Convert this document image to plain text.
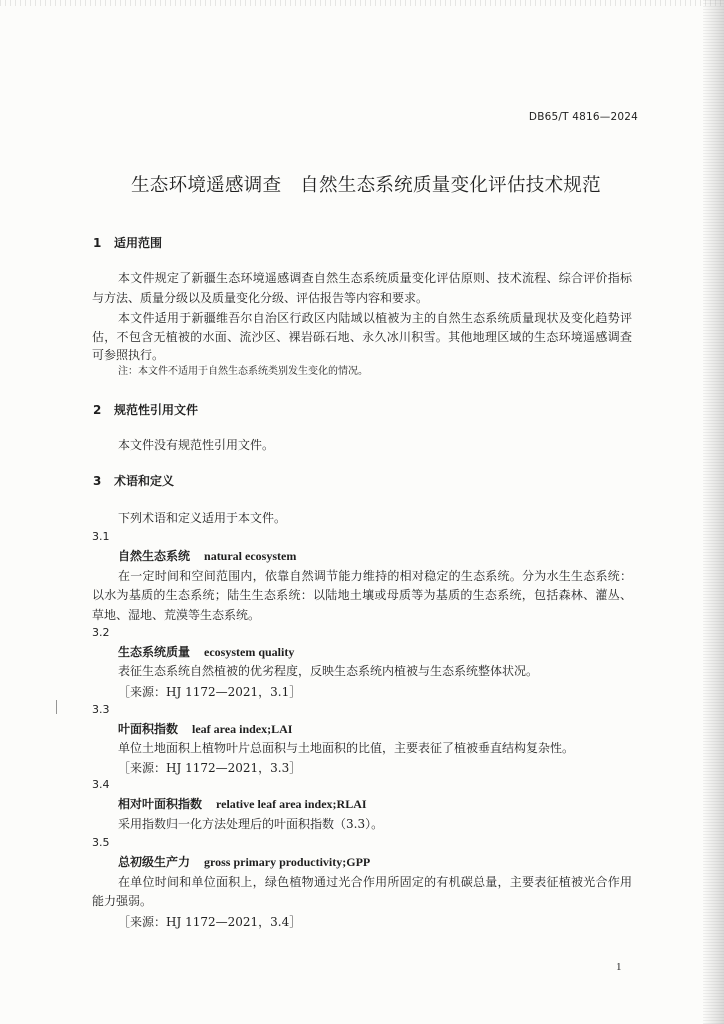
DB65/T 4816—2024
生态环境遥感调查　自然生态系统质量变化评估技术规范
1 适用范围
本文件规定了新疆生态环境遥感调查自然生态系统质量变化评估原则、技术流程、综合评价指标
与方法、质量分级以及质量变化分级、评估报告等内容和要求。
本文件适用于新疆维吾尔自治区行政区内陆域以植被为主的自然生态系统质量现状及变化趋势评
估，不包含无植被的水面、流沙区、裸岩砾石地、永久冰川积雪。其他地理区域的生态环境遥感调查
可参照执行。
注：本文件不适用于自然生态系统类别发生变化的情况。
2 规范性引用文件
本文件没有规范性引用文件。
3 术语和定义
下列术语和定义适用于本文件。
3.1
自然生态系统 natural ecosystem
在一定时间和空间范围内，依靠自然调节能力维持的相对稳定的生态系统。分为水生生态系统：
以水为基质的生态系统；陆生生态系统：以陆地土壤或母质等为基质的生态系统，包括森林、灌丛、
草地、湿地、荒漠等生态系统。
3.2
生态系统质量 ecosystem quality
表征生态系统自然植被的优劣程度，反映生态系统内植被与生态系统整体状况。
［来源：HJ 1172—2021，3.1］
3.3
叶面积指数 leaf area index;LAI
单位土地面积上植物叶片总面积与土地面积的比值，主要表征了植被垂直结构复杂性。
［来源：HJ 1172—2021，3.3］
3.4
相对叶面积指数 relative leaf area index;RLAI
采用指数归一化方法处理后的叶面积指数（3.3）。
3.5
总初级生产力 gross primary productivity;GPP
在单位时间和单位面积上，绿色植物通过光合作用所固定的有机碳总量，主要表征植被光合作用
能力强弱。
［来源：HJ 1172—2021，3.4］
1
